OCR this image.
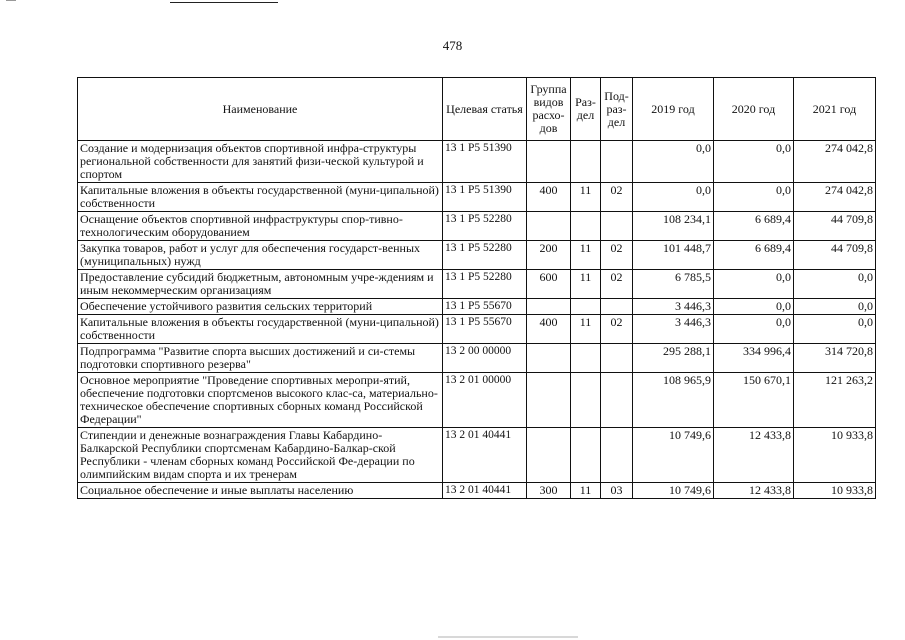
478
Наименование	Целевая статья	Группа видов расхо-дов	Раз-дел	Под-раз-дел	2019 год	2020 год	2021 год
Создание и модернизация объектов спортивной инфра-структуры региональной собственности для занятий физи-ческой культурой и спортом	13 1 P5 51390				0,0	0,0	274 042,8
Капитальные вложения в объекты государственной (муни-ципальной) собственности	13 1 P5 51390	400	11	02	0,0	0,0	274 042,8
Оснащение объектов спортивной инфраструктуры спор-тивно-технологическим оборудованием	13 1 P5 52280				108 234,1	6 689,4	44 709,8
Закупка товаров, работ и услуг для обеспечения государст-венных (муниципальных) нужд	13 1 P5 52280	200	11	02	101 448,7	6 689,4	44 709,8
Предоставление субсидий бюджетным, автономным учре-ждениям и иным некоммерческим организациям	13 1 P5 52280	600	11	02	6 785,5	0,0	0,0
Обеспечение устойчивого развития сельских территорий	13 1 P5 55670				3 446,3	0,0	0,0
Капитальные вложения в объекты государственной (муни-ципальной) собственности	13 1 P5 55670	400	11	02	3 446,3	0,0	0,0
Подпрограмма "Развитие спорта высших достижений и си-стемы подготовки спортивного резерва"	13 2 00 00000				295 288,1	334 996,4	314 720,8
Основное мероприятие "Проведение спортивных меропри-ятий, обеспечение подготовки спортсменов высокого клас-са, материально-техническое обеспечение спортивных сборных команд Российской Федерации"	13 2 01 00000				108 965,9	150 670,1	121 263,2
Стипендии и денежные вознаграждения Главы Кабардино-Балкарской Республики спортсменам Кабардино-Балкар-ской Республики - членам сборных команд Российской Фе-дерации по олимпийским видам спорта и их тренерам	13 2 01 40441				10 749,6	12 433,8	10 933,8
Социальное обеспечение и иные выплаты населению	13 2 01 40441	300	11	03	10 749,6	12 433,8	10 933,8
